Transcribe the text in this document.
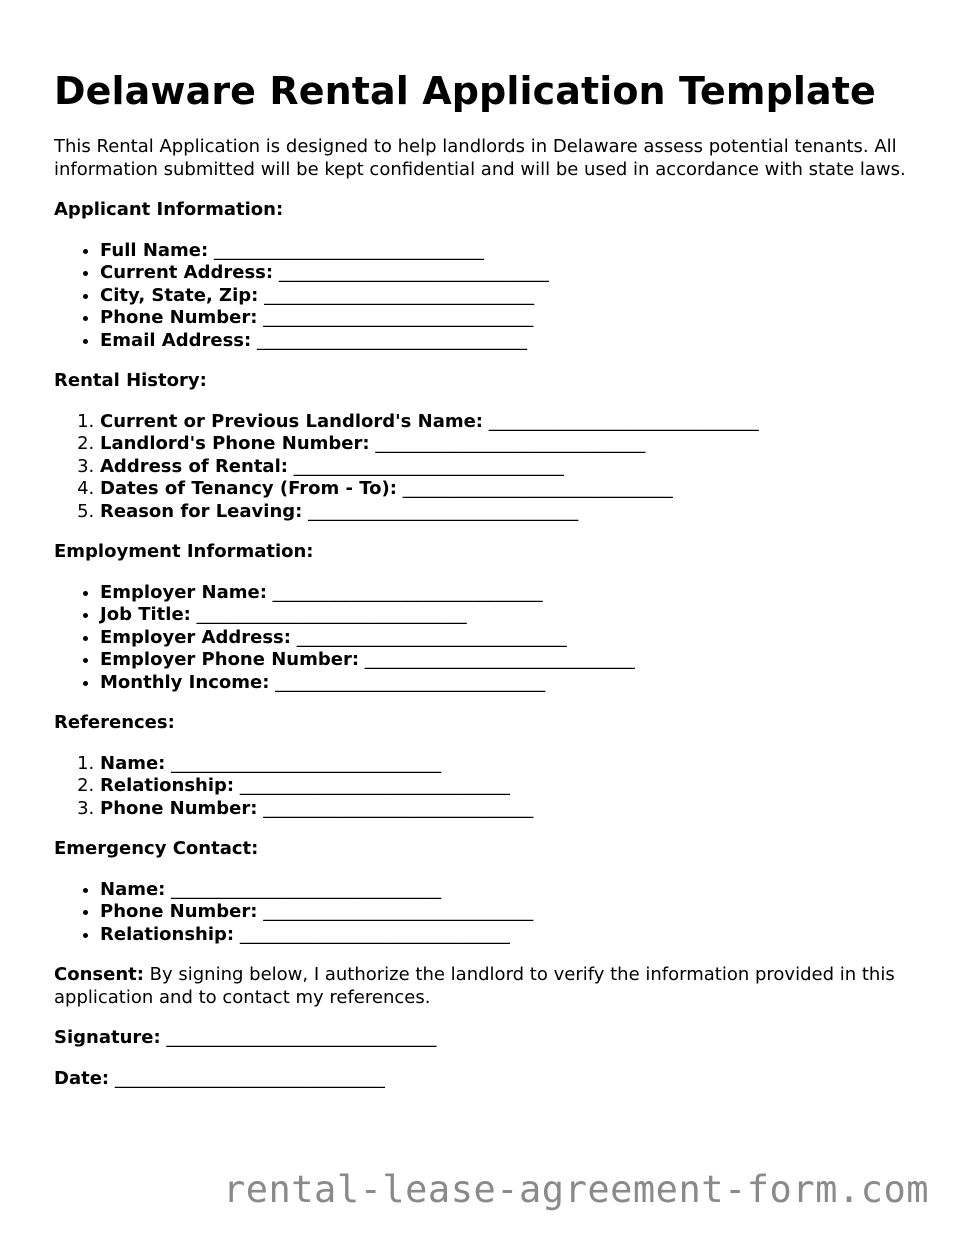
Delaware Rental Application Template

This Rental Application is designed to help landlords in Delaware assess potential tenants. All information submitted will be kept confidential and will be used in accordance with state laws.

Applicant Information:

• Full Name: ______________________________
• Current Address: ______________________________
• City, State, Zip: ______________________________
• Phone Number: ______________________________
• Email Address: ______________________________

Rental History:

1. Current or Previous Landlord's Name: ______________________________
2. Landlord's Phone Number: ______________________________
3. Address of Rental: ______________________________
4. Dates of Tenancy (From - To): ______________________________
5. Reason for Leaving: ______________________________

Employment Information:

• Employer Name: ______________________________
• Job Title: ______________________________
• Employer Address: ______________________________
• Employer Phone Number: ______________________________
• Monthly Income: ______________________________

References:

1. Name: ______________________________
2. Relationship: ______________________________
3. Phone Number: ______________________________

Emergency Contact:

• Name: ______________________________
• Phone Number: ______________________________
• Relationship: ______________________________

Consent: By signing below, I authorize the landlord to verify the information provided in this application and to contact my references.

Signature: ______________________________

Date: ______________________________

rental-lease-agreement-form.com
